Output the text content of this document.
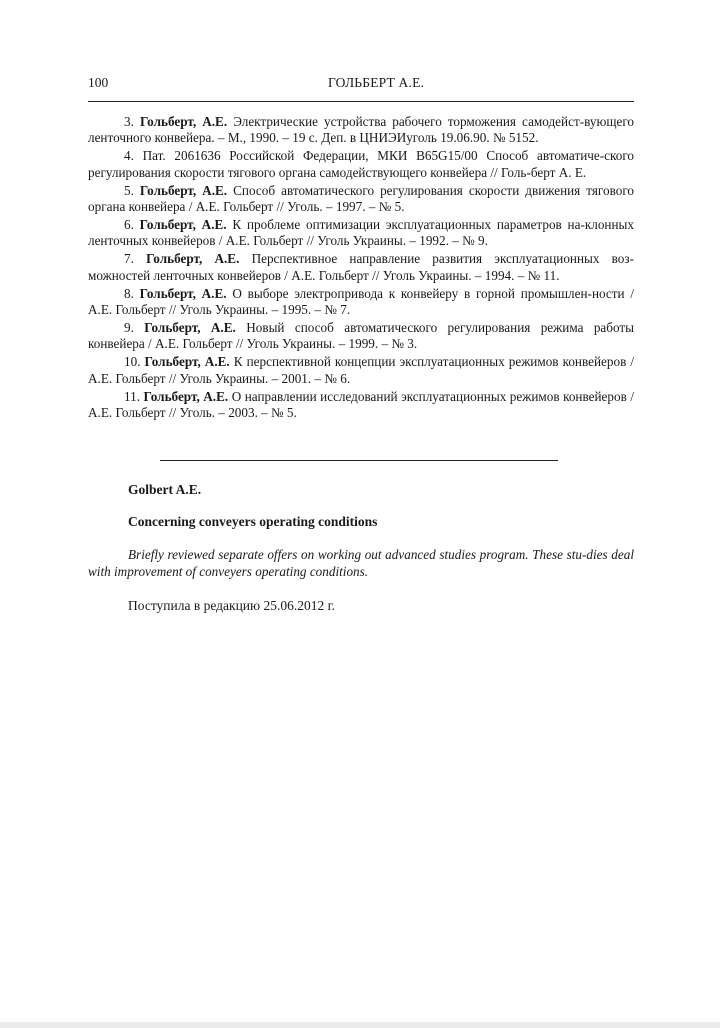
100	ГОЛЬБЕРТ А.Е.

3. Гольберт, А.Е. Электрические устройства рабочего торможения самодейст-вующего ленточного конвейера. – М., 1990. – 19 с. Деп. в ЦНИЭИуголь 19.06.90. № 5152.

4. Пат. 2061636 Российской Федерации, МКИ B65G15/00 Способ автоматиче-ского регулирования скорости тягового органа самодействующего конвейера // Голь-берт А. Е.

5. Гольберт, А.Е. Способ автоматического регулирования скорости движения тягового органа конвейера / А.Е. Гольберт // Уголь. – 1997. – № 5.

6. Гольберт, А.Е. К проблеме оптимизации эксплуатационных параметров на-клонных ленточных конвейеров / А.Е. Гольберт // Уголь Украины. – 1992. – № 9.

7. Гольберт, А.Е. Перспективное направление развития эксплуатационных воз-можностей ленточных конвейеров / А.Е. Гольберт // Уголь Украины. – 1994. – № 11.

8. Гольберт, А.Е. О выборе электропривода к конвейеру в горной промышлен-ности / А.Е. Гольберт // Уголь Украины. – 1995. – № 7.

9. Гольберт, А.Е. Новый способ автоматического регулирования режима работы конвейера / А.Е. Гольберт // Уголь Украины. – 1999. – № 3.

10. Гольберт, А.Е. К перспективной концепции эксплуатационных режимов конвейеров / А.Е. Гольберт // Уголь Украины. – 2001. – № 6.

11. Гольберт, А.Е. О направлении исследований эксплуатационных режимов конвейеров / А.Е. Гольберт // Уголь. – 2003. – № 5.

Golbert A.E.
Concerning conveyers operating conditions

Briefly reviewed separate offers on working out advanced studies program. These stu-dies deal with improvement of conveyers operating conditions.

Поступила в редакцию 25.06.2012 г.
